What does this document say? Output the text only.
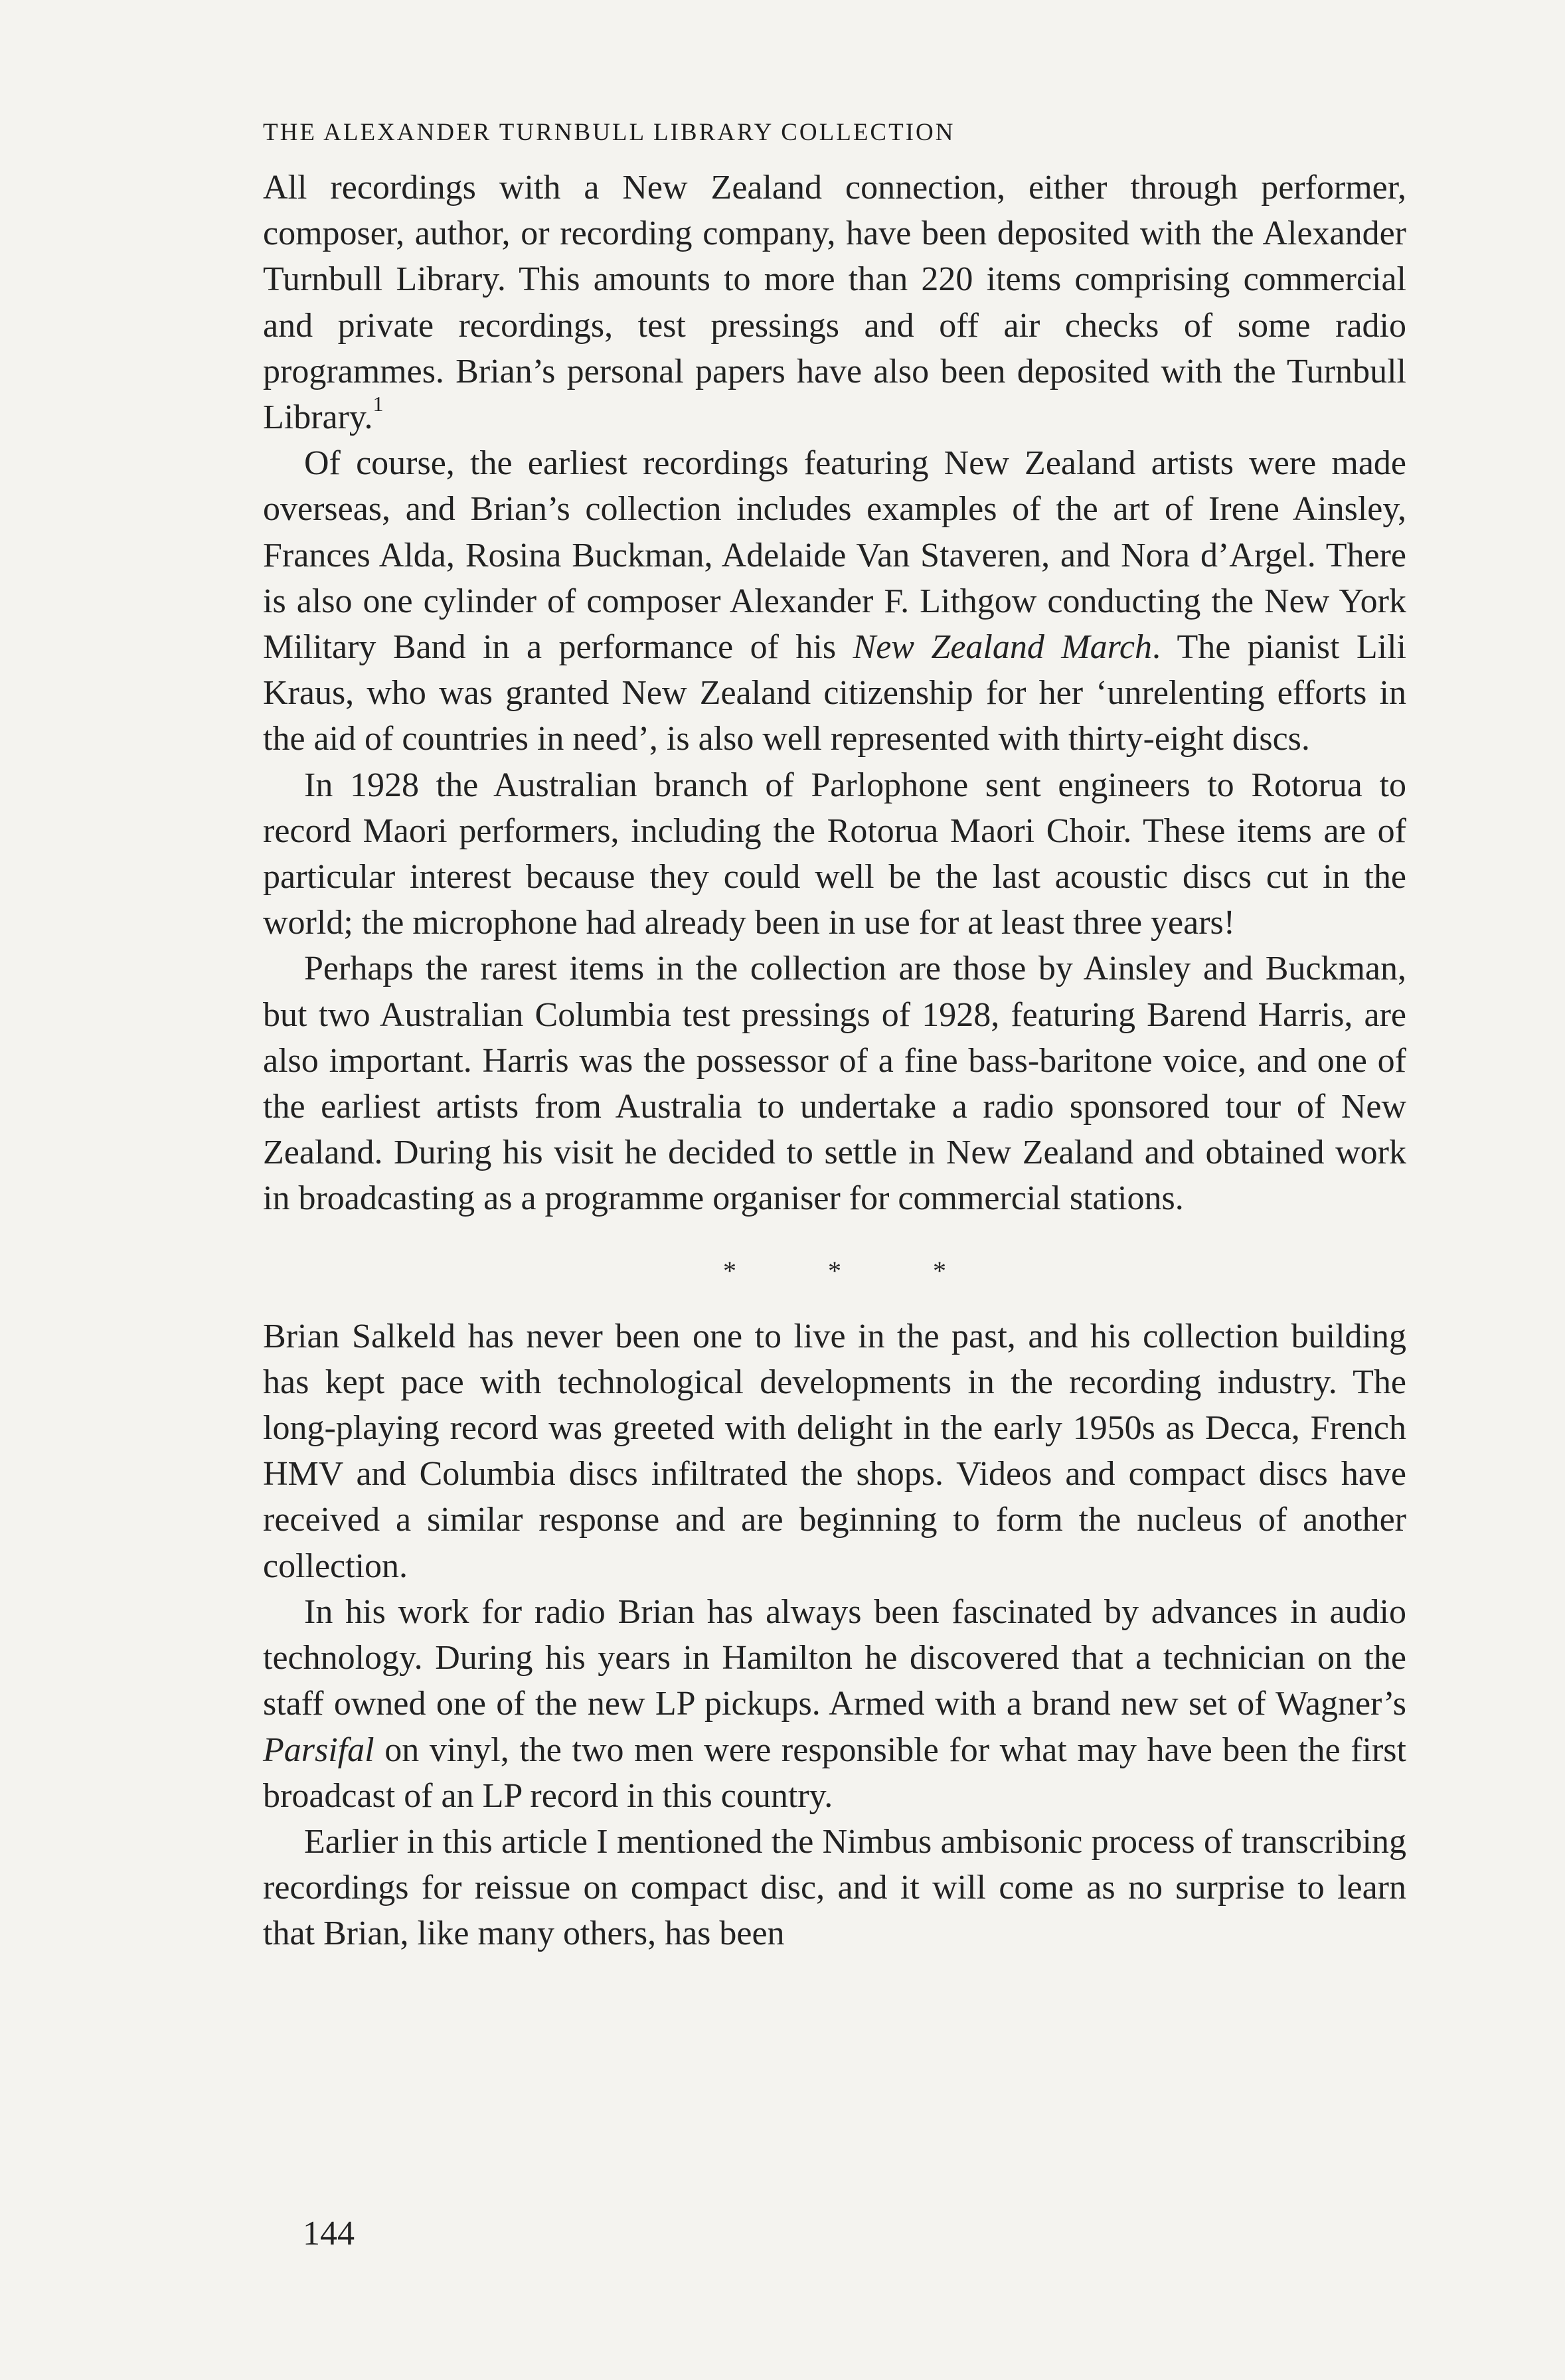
THE ALEXANDER TURNBULL LIBRARY COLLECTION

All recordings with a New Zealand connection, either through performer, composer, author, or recording company, have been deposited with the Alexander Turnbull Library. This amounts to more than 220 items comprising commercial and private recordings, test pressings and off air checks of some radio programmes. Brian’s personal papers have also been deposited with the Turnbull Library.$^1$

Of course, the earliest recordings featuring New Zealand artists were made overseas, and Brian’s collection includes examples of the art of Irene Ainsley, Frances Alda, Rosina Buckman, Adelaide Van Staveren, and Nora d’Argel. There is also one cylinder of composer Alexander F. Lithgow conducting the New York Military Band in a performance of his New Zealand March. The pianist Lili Kraus, who was granted New Zealand citizenship for her ‘unrelenting efforts in the aid of countries in need’, is also well represented with thirty-eight discs.

In 1928 the Australian branch of Parlophone sent engineers to Rotorua to record Maori performers, including the Rotorua Maori Choir. These items are of particular interest because they could well be the last acoustic discs cut in the world; the microphone had already been in use for at least three years!

Perhaps the rarest items in the collection are those by Ainsley and Buckman, but two Australian Columbia test pressings of 1928, featuring Barend Harris, are also important. Harris was the possessor of a fine bass-baritone voice, and one of the earliest artists from Australia to undertake a radio sponsored tour of New Zealand. During his visit he decided to settle in New Zealand and obtained work in broadcasting as a programme organiser for commercial stations.

*	*	*

Brian Salkeld has never been one to live in the past, and his collection building has kept pace with technological developments in the recording industry. The long-playing record was greeted with delight in the early 1950s as Decca, French HMV and Columbia discs infiltrated the shops. Videos and compact discs have received a similar response and are beginning to form the nucleus of another collection.

In his work for radio Brian has always been fascinated by advances in audio technology. During his years in Hamilton he discovered that a technician on the staff owned one of the new LP pickups. Armed with a brand new set of Wagner’s Parsifal on vinyl, the two men were responsible for what may have been the first broadcast of an LP record in this country.

Earlier in this article I mentioned the Nimbus ambisonic process of transcribing recordings for reissue on compact disc, and it will come as no surprise to learn that Brian, like many others, has been

144
